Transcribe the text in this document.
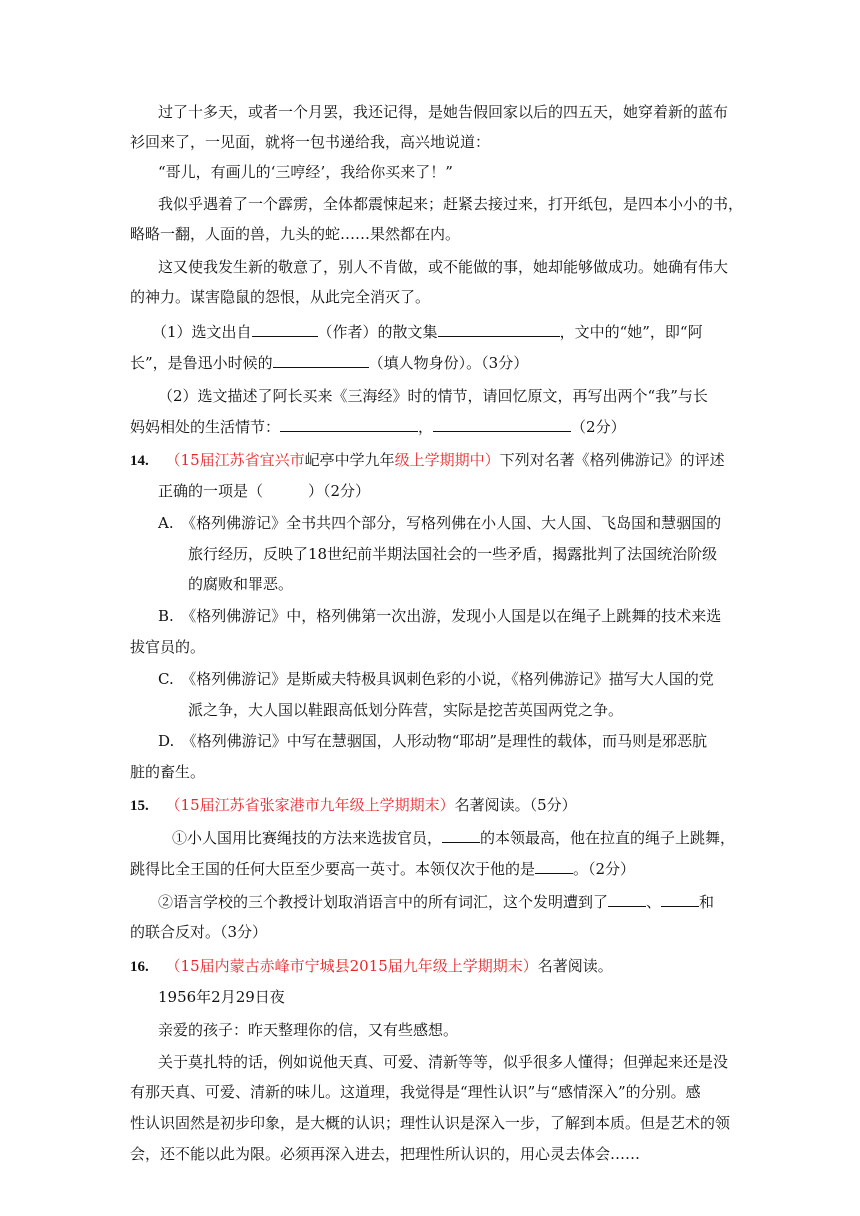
过了十多天，或者一个月罢，我还记得，是她告假回家以后的四五天，她穿着新的蓝布
衫回来了，一见面，就将一包书递给我，高兴地说道：
“哥儿，有画儿的‘三哼经’，我给你买来了！”
我似乎遇着了一个霹雳，全体都震悚起来；赶紧去接过来，打开纸包，是四本小小的书，
略略一翻，人面的兽，九头的蛇……果然都在内。
这又使我发生新的敬意了，别人不肯做，或不能做的事，她却能够做成功。她确有伟大
的神力。谋害隐鼠的怨恨，从此完全消灭了。
（1）选文出自	（作者）的散文集	，文中的“她”，即“阿
长”，是鲁迅小时候的	（填人物身份）。（3分）
（2）选文描述了阿长买来《三海经》时的情节，请回忆原文，再写出两个“我”与长
妈妈相处的生活情节：	，	（2分）
14. （15届江苏省宜兴市屺亭中学九年级上学期期中）下列对名著《格列佛游记》的评述
正确的一项是（　　　）（2分）
A.　《格列佛游记》全书共四个部分，写格列佛在小人国、大人国、飞岛国和慧骃国的
旅行经历，反映了18世纪前半期法国社会的一些矛盾，揭露批判了法国统治阶级
的腐败和罪恶。
B.　《格列佛游记》中，格列佛第一次出游，发现小人国是以在绳子上跳舞的技术来选
拔官员的。
C.　《格列佛游记》是斯威夫特极具讽刺色彩的小说，《格列佛游记》描写大人国的党
派之争，大人国以鞋跟高低划分阵营，实际是挖苦英国两党之争。
D.　《格列佛游记》中写在慧骃国，人形动物“耶胡”是理性的载体，而马则是邪恶肮
脏的畜生。
15. （15届江苏省张家港市九年级上学期期末）名著阅读。（5分）
①小人国用比赛绳技的方法来选拔官员，	的本领最高，他在拉直的绳子上跳舞，
跳得比全王国的任何大臣至少要高一英寸。本领仅次于他的是	。（2分）
②语言学校的三个教授计划取消语言中的所有词汇，这个发明遭到了	、	和
的联合反对。（3分）
16. （15届内蒙古赤峰市宁城县2015届九年级上学期期末）名著阅读。
1956年2月29日夜
亲爱的孩子：昨天整理你的信，又有些感想。
关于莫扎特的话，例如说他天真、可爱、清新等等，似乎很多人懂得；但弹起来还是没
有那天真、可爱、清新的味儿。这道理，我觉得是“理性认识”与“感情深入”的分别。感
性认识固然是初步印象，是大概的认识；理性认识是深入一步，了解到本质。但是艺术的领
会，还不能以此为限。必须再深入进去，把理性所认识的，用心灵去体会……
